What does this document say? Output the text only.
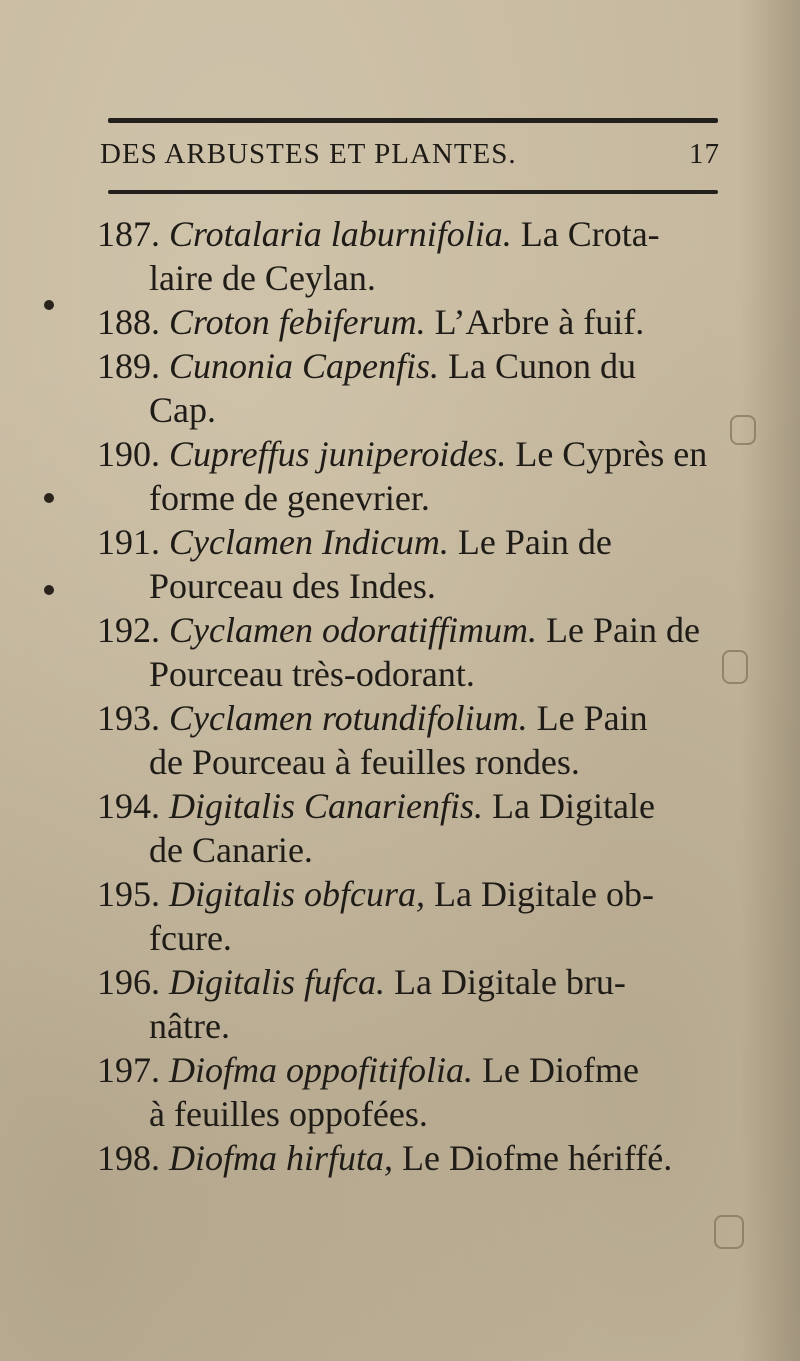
DES ARBUSTES ET PLANTES.	17
187. Crotalaria laburnifolia. La Crota-
laire de Ceylan.
188. Croton febiferum. L’Arbre à fuif.
189. Cunonia Capenfis. La Cunon du
Cap.
190. Cupreffus juniperoides. Le Cyprès en
forme de genevrier.
191. Cyclamen Indicum. Le Pain de
Pourceau des Indes.
192. Cyclamen odoratiffimum. Le Pain de
Pourceau très-odorant.
193. Cyclamen rotundifolium. Le Pain
de Pourceau à feuilles rondes.
194. Digitalis Canarienfis. La Digitale
de Canarie.
195. Digitalis obfcura, La Digitale ob-
fcure.
196. Digitalis fufca. La Digitale bru-
nâtre.
197. Diofma oppofitifolia. Le Diofme
à feuilles oppofées.
198. Diofma hirfuta, Le Diofme hériffé.
